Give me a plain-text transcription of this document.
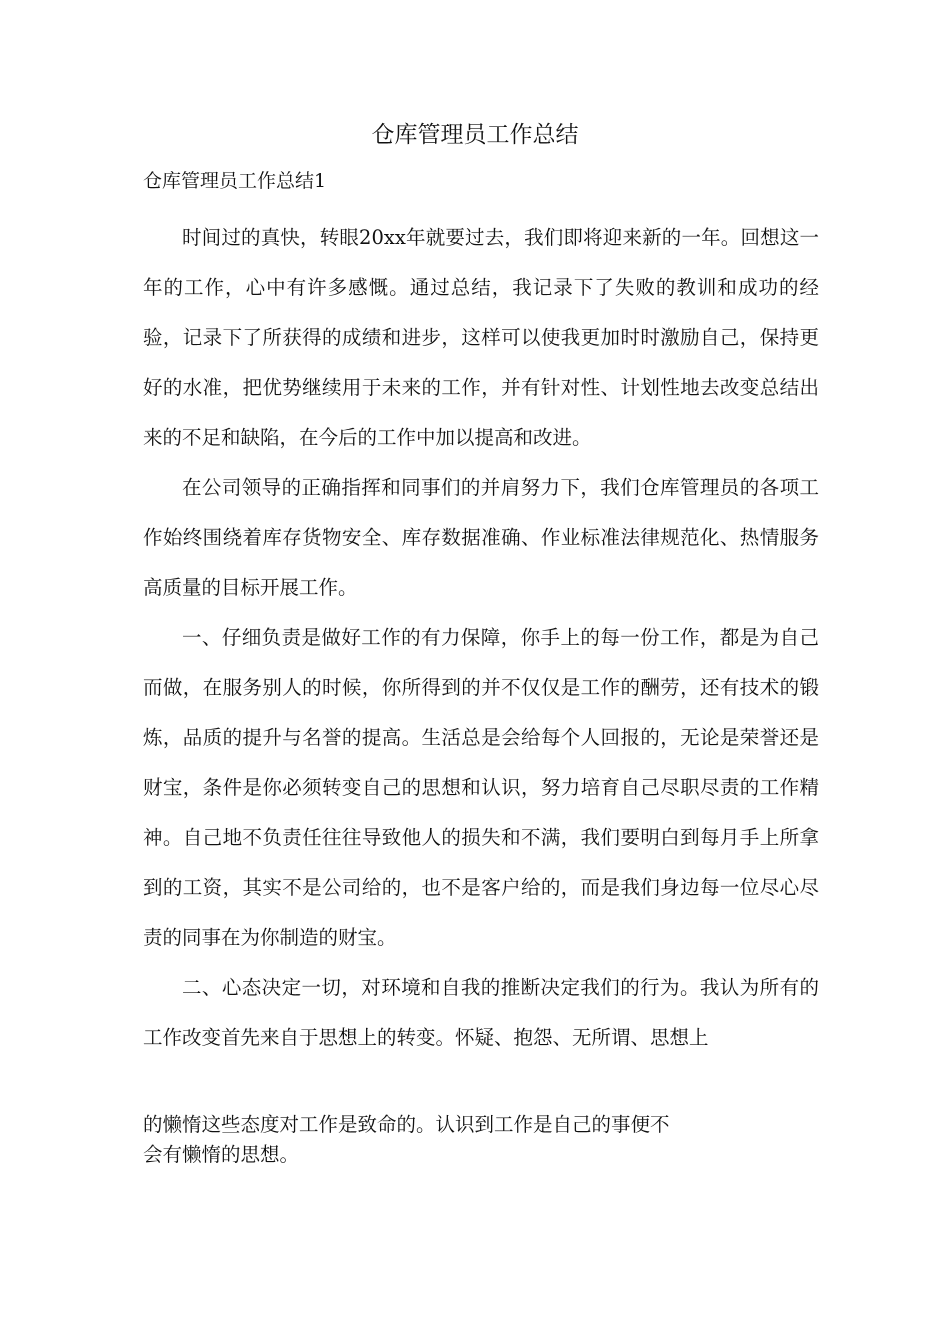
仓库管理员工作总结
仓库管理员工作总结1

时间过的真快，转眼20xx年就要过去，我们即将迎来新的一年。回想这一年的工作，心中有许多感慨。通过总结，我记录下了失败的教训和成功的经验，记录下了所获得的成绩和进步，这样可以使我更加时时激励自己，保持更好的水准，把优势继续用于未来的工作，并有针对性、计划性地去改变总结出来的不足和缺陷，在今后的工作中加以提高和改进。

在公司领导的正确指挥和同事们的并肩努力下，我们仓库管理员的各项工作始终围绕着库存货物安全、库存数据准确、作业标准法律规范化、热情服务高质量的目标开展工作。

一、仔细负责是做好工作的有力保障，你手上的每一份工作，都是为自己而做，在服务别人的时候，你所得到的并不仅仅是工作的酬劳，还有技术的锻炼，品质的提升与名誉的提高。生活总是会给每个人回报的，无论是荣誉还是财宝，条件是你必须转变自己的思想和认识，努力培育自己尽职尽责的工作精神。自己地不负责任往往导致他人的损失和不满，我们要明白到每月手上所拿到的工资，其实不是公司给的，也不是客户给的，而是我们身边每一位尽心尽责的同事在为你制造的财宝。

二、心态决定一切，对环境和自我的推断决定我们的行为。我认为所有的工作改变首先来自于思想上的转变。怀疑、抱怨、无所谓、思想上

的懒惰这些态度对工作是致命的。认识到工作是自己的事便不
会有懒惰的思想。
